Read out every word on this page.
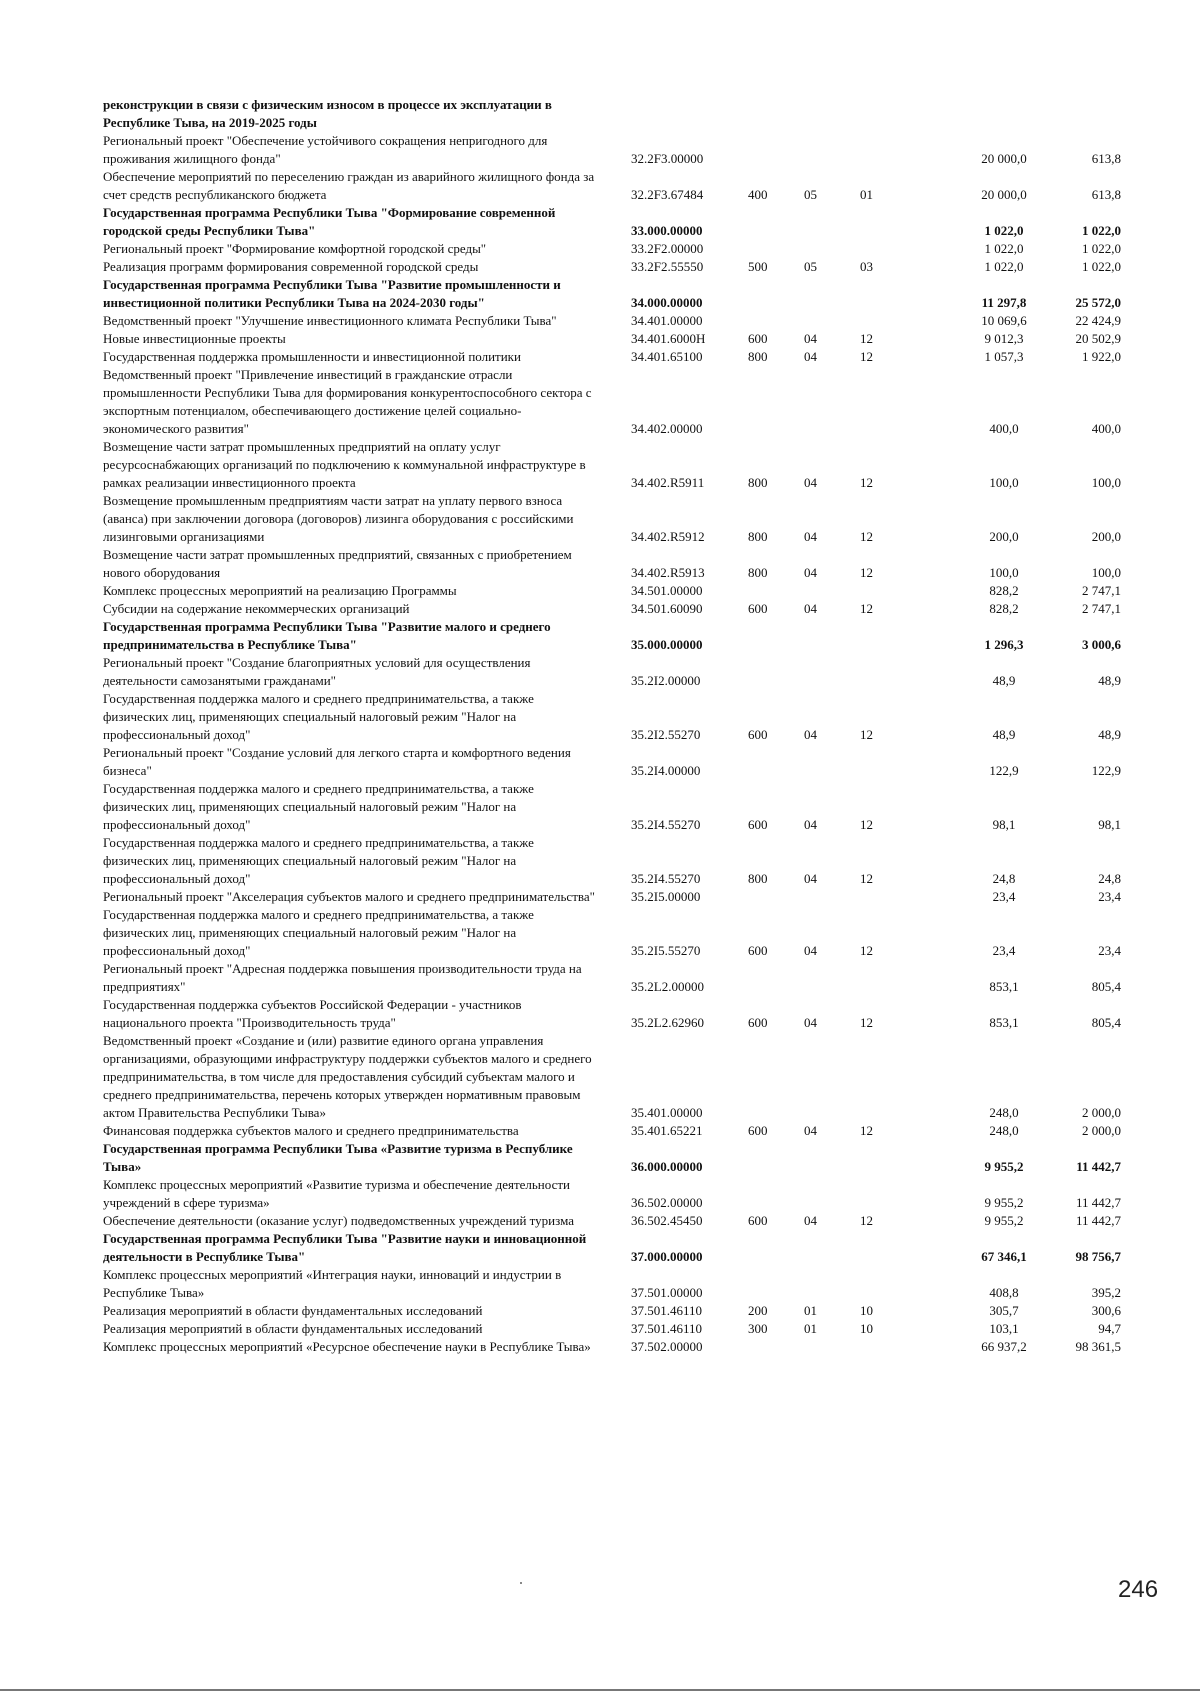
реконструкции в связи с физическим износом в процессе их эксплуатации в Республике Тыва, на 2019-2025 годы						
Региональный проект "Обеспечение устойчивого сокращения непригодного для проживания жилищного фонда"	32.2F3.00000				20 000,0	613,8
Обеспечение мероприятий по переселению граждан из аварийного жилищного фонда за счет средств республиканского бюджета	32.2F3.67484	400	05	01	20 000,0	613,8
Государственная программа Республики Тыва "Формирование современной городской среды Республики Тыва"	33.000.00000				1 022,0	1 022,0
Региональный проект "Формирование комфортной городской среды"	33.2F2.00000				1 022,0	1 022,0
Реализация программ формирования современной городской среды	33.2F2.55550	500	05	03	1 022,0	1 022,0
Государственная программа Республики Тыва "Развитие промышленности и инвестиционной политики Республики Тыва на 2024-2030 годы"	34.000.00000				11 297,8	25 572,0
Ведомственный проект "Улучшение инвестиционного климата Республики Тыва"	34.401.00000				10 069,6	22 424,9
Новые инвестиционные проекты	34.401.6000Н	600	04	12	9 012,3	20 502,9
Государственная поддержка промышленности и инвестиционной политики	34.401.65100	800	04	12	1 057,3	1 922,0
Ведомственный проект "Привлечение инвестиций в гражданские отрасли промышленности Республики Тыва для формирования конкурентоспособного сектора с экспортным потенциалом, обеспечивающего достижение целей социально-экономического развития"	34.402.00000				400,0	400,0
Возмещение части затрат промышленных предприятий на оплату услуг ресурсоснабжающих организаций по подключению к коммунальной инфраструктуре в рамках реализации инвестиционного проекта	34.402.R5911	800	04	12	100,0	100,0
Возмещение промышленным предприятиям части затрат на уплату первого взноса (аванса) при заключении договора (договоров) лизинга оборудования с российскими лизинговыми организациями	34.402.R5912	800	04	12	200,0	200,0
Возмещение части затрат промышленных предприятий, связанных с приобретением нового оборудования	34.402.R5913	800	04	12	100,0	100,0
Комплекс процессных мероприятий на реализацию Программы	34.501.00000				828,2	2 747,1
Субсидии на содержание некоммерческих организаций	34.501.60090	600	04	12	828,2	2 747,1
Государственная программа Республики Тыва "Развитие малого и среднего предпринимательства в Республике Тыва"	35.000.00000				1 296,3	3 000,6
Региональный проект "Создание благоприятных условий для осуществления деятельности самозанятыми гражданами"	35.2I2.00000				48,9	48,9
Государственная поддержка малого и среднего предпринимательства, а также физических лиц, применяющих специальный налоговый режим "Налог на профессиональный доход"	35.2I2.55270	600	04	12	48,9	48,9
Региональный проект "Создание условий для легкого старта и комфортного ведения бизнеса"	35.2I4.00000				122,9	122,9
Государственная поддержка малого и среднего предпринимательства, а также физических лиц, применяющих специальный налоговый режим "Налог на профессиональный доход"	35.2I4.55270	600	04	12	98,1	98,1
Государственная поддержка малого и среднего предпринимательства, а также физических лиц, применяющих специальный налоговый режим "Налог на профессиональный доход"	35.2I4.55270	800	04	12	24,8	24,8
Региональный проект "Акселерация субъектов малого и среднего предпринимательства"	35.2I5.00000				23,4	23,4
Государственная поддержка малого и среднего предпринимательства, а также физических лиц, применяющих специальный налоговый режим "Налог на профессиональный доход"	35.2I5.55270	600	04	12	23,4	23,4
Региональный проект "Адресная поддержка повышения производительности труда на предприятиях"	35.2L2.00000				853,1	805,4
Государственная поддержка субъектов Российской Федерации - участников национального проекта "Производительность труда"	35.2L2.62960	600	04	12	853,1	805,4
Ведомственный проект «Создание и (или) развитие единого органа управления организациями, образующими инфраструктуру поддержки субъектов малого и среднего предпринимательства, в том числе для предоставления субсидий субъектам малого и среднего предпринимательства, перечень которых утвержден нормативным правовым актом Правительства Республики Тыва»	35.401.00000				248,0	2 000,0
Финансовая поддержка субъектов малого и среднего предпринимательства	35.401.65221	600	04	12	248,0	2 000,0
Государственная программа Республики Тыва «Развитие туризма в Республике Тыва»	36.000.00000				9 955,2	11 442,7
Комплекс процессных мероприятий «Развитие туризма и обеспечение деятельности учреждений в сфере туризма»	36.502.00000				9 955,2	11 442,7
Обеспечение деятельности (оказание услуг) подведомственных учреждений туризма	36.502.45450	600	04	12	9 955,2	11 442,7
Государственная программа Республики Тыва "Развитие науки и инновационной деятельности в Республике Тыва"	37.000.00000				67 346,1	98 756,7
Комплекс процессных мероприятий «Интеграция науки, инноваций и индустрии в Республике Тыва»	37.501.00000				408,8	395,2
Реализация мероприятий в области фундаментальных исследований	37.501.46110	200	01	10	305,7	300,6
Реализация мероприятий в области фундаментальных исследований	37.501.46110	300	01	10	103,1	94,7
Комплекс процессных мероприятий «Ресурсное обеспечение науки в Республике Тыва»	37.502.00000				66 937,2	98 361,5
246
